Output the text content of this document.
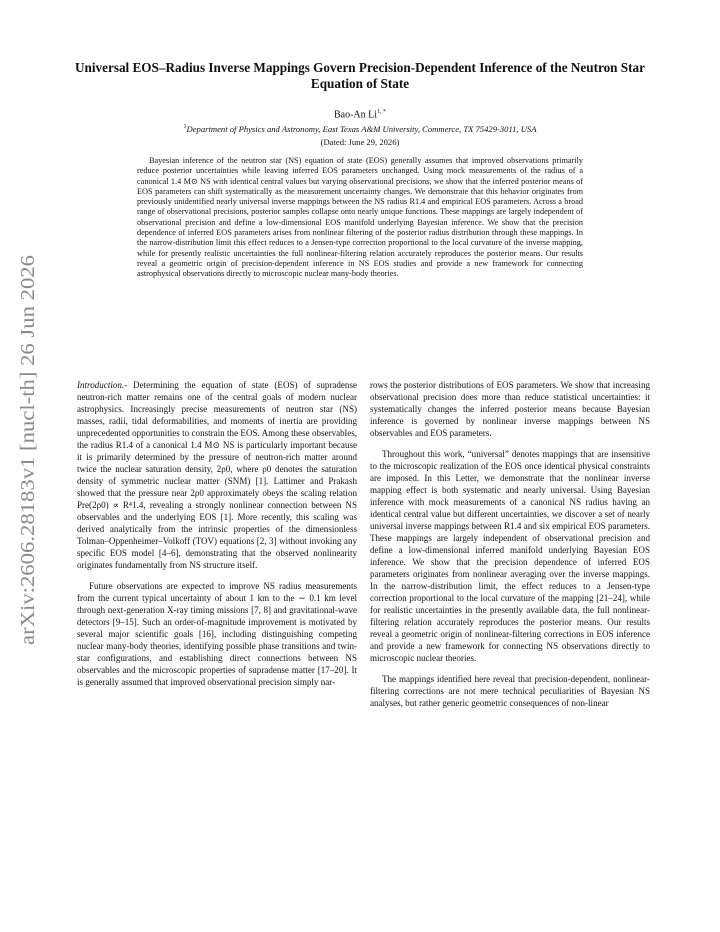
arXiv:2606.28183v1 [nucl-th] 26 Jun 2026
Universal EOS–Radius Inverse Mappings Govern Precision-Dependent Inference of the Neutron Star Equation of State
Bao-An $Li^{1, *}$
$^1$Department of Physics and Astronomy, East Texas A&M University, Commerce, TX 75429-3011, USA
(Dated: June 29, 2026)

Bayesian inference of the neutron star (NS) equation of state (EOS) generally assumes that improved observations primarily reduce posterior uncertainties while leaving inferred EOS parameters unchanged. Using mock measurements of the radius of a canonical 1.4 M⊙ NS with identical central values but varying observational precisions, we show that the inferred posterior means of EOS parameters can shift systematically as the measurement uncertainty changes. We demonstrate that this behavior originates from previously unidentified nearly universal inverse mappings between the NS radius R1.4 and empirical EOS parameters. Across a broad range of observational precisions, posterior samples collapse onto nearly unique functions. These mappings are largely independent of observational precision and define a low-dimensional EOS manifold underlying Bayesian inference. We show that the precision dependence of inferred EOS parameters arises from nonlinear filtering of the posterior radius distribution through these mappings. In the narrow-distribution limit this effect reduces to a Jensen-type correction proportional to the local curvature of the inverse mapping, while for presently realistic uncertainties the full nonlinear-filtering relation accurately reproduces the posterior means. Our results reveal a geometric origin of precision-dependent inference in NS EOS studies and provide a new framework for connecting astrophysical observations directly to microscopic nuclear many-body theories.

Introduction.- Determining the equation of state (EOS) of supradense neutron-rich matter remains one of the central goals of modern nuclear astrophysics. Increasingly precise measurements of neutron star (NS) masses, radii, tidal deformabilities, and moments of inertia are providing unprecedented opportunities to constrain the EOS. Among these observables, the radius R1.4 of a canonical 1.4 M⊙ NS is particularly important because it is primarily determined by the pressure of neutron-rich matter around twice the nuclear saturation density, 2ρ0, where ρ0 denotes the saturation density of symmetric nuclear matter (SNM) [1]. Lattimer and Prakash showed that the pressure near 2ρ0 approximately obeys the scaling relation Pre(2ρ0) ∝ R⁴1.4, revealing a strongly nonlinear connection between NS observables and the underlying EOS [1]. More recently, this scaling was derived analytically from the intrinsic properties of the dimensionless Tolman–Oppenheimer–Volkoff (TOV) equations [2, 3] without invoking any specific EOS model [4–6], demonstrating that the observed nonlinearity originates fundamentally from NS structure itself.

Future observations are expected to improve NS radius measurements from the current typical uncertainty of about 1 km to the ∼ 0.1 km level through next-generation X-ray timing missions [7, 8] and gravitational-wave detectors [9–15]. Such an order-of-magnitude improvement is motivated by several major scientific goals [16], including distinguishing competing nuclear many-body theories, identifying possible phase transitions and twin-star configurations, and establishing direct connections between NS observables and the microscopic properties of supradense matter [17–20]. It is generally assumed that improved observational precision simply nar-

rows the posterior distributions of EOS parameters. We show that increasing observational precision does more than reduce statistical uncertainties: it systematically changes the inferred posterior means because Bayesian inference is governed by nonlinear inverse mappings between NS observables and EOS parameters.

Throughout this work, “universal” denotes mappings that are insensitive to the microscopic realization of the EOS once identical physical constraints are imposed. In this Letter, we demonstrate that the nonlinear inverse mapping effect is both systematic and nearly universal. Using Bayesian inference with mock measurements of a canonical NS radius having an identical central value but different uncertainties, we discover a set of nearly universal inverse mappings between R1.4 and six empirical EOS parameters. These mappings are largely independent of observational precision and define a low-dimensional inferred manifold underlying Bayesian EOS inference. We show that the precision dependence of inferred EOS parameters originates from nonlinear averaging over the inverse mappings. In the narrow-distribution limit, the effect reduces to a Jensen-type correction proportional to the local curvature of the mapping [21–24], while for realistic uncertainties in the presently available data, the full nonlinear-filtering relation accurately reproduces the posterior means. Our results reveal a geometric origin of nonlinear-filtering corrections in EOS inference and provide a new framework for connecting NS observations directly to microscopic nuclear theories.

The mappings identified here reveal that precision-dependent, nonlinear-filtering corrections are not mere technical peculiarities of Bayesian NS analyses, but rather generic geometric consequences of non-linear
